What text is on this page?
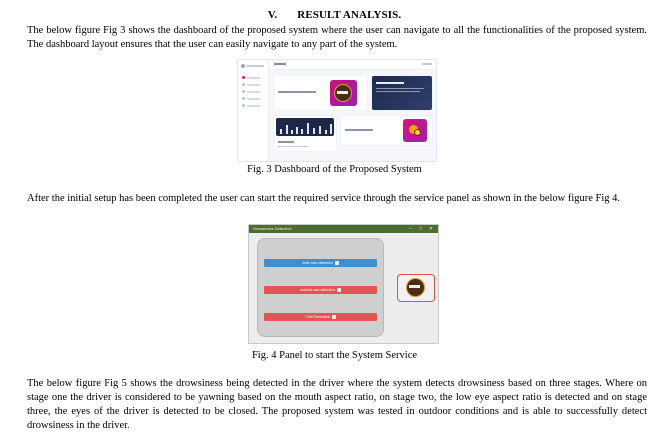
V. RESULT ANALYSIS.

The below figure Fig 3 shows the dashboard of the proposed system where the user can navigate to all the functionalities of the proposed system. The dashboard layout ensures that the user can easily navigate to any part of the system.

Fig. 3 Dashboard of the Proposed System

After the initial setup has been completed the user can start the required service through the service panel as shown in the below figure Fig 4.

Drowsiness Detection	– □ ✕
mobi cam detection
android cam detection
Theft Prevention
Fig. 4 Panel to start the System Service

The below figure Fig 5 shows the drowsiness being detected in the driver where the system detects drowsiness based on three stages. Where on stage one the driver is considered to be yawning based on the mouth aspect ratio, on stage two, the low eye aspect ratio is detected and on stage three, the eyes of the driver is detected to be closed. The proposed system was tested in outdoor conditions and is able to successfully detect drowsiness in the driver.
